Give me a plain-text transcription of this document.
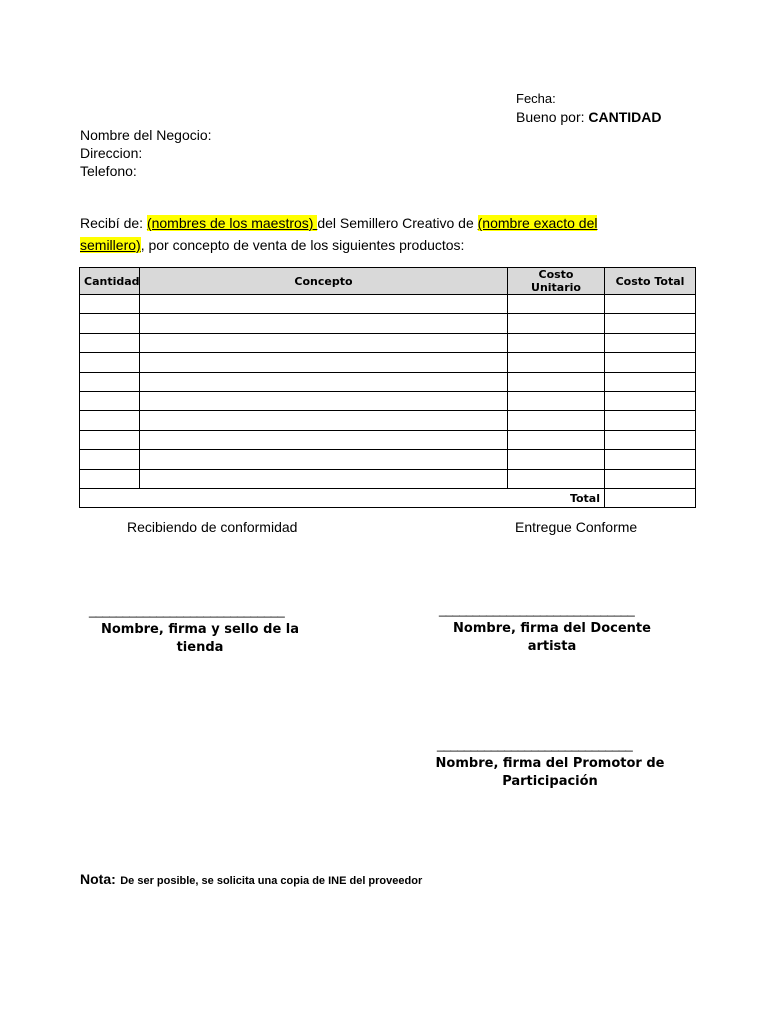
Fecha:
Bueno por: CANTIDAD
Nombre del Negocio:
Direccion:
Telefono:
Recibí de: (nombres de los maestros) del Semillero Creativo de (nombre exacto del
semillero), por concepto de venta de los siguientes productos:
Cantidad	Concepto	Costo Unitario	Costo Total

Total			
Recibiendo de conformidad	Entregue Conforme
_____________________________
Nombre, firma y sello de la
tienda
_____________________________
Nombre, firma del Docente
artista
_____________________________
Nombre, firma del Promotor de
Participación
Nota: De ser posible, se solicita una copia de INE del proveedor
